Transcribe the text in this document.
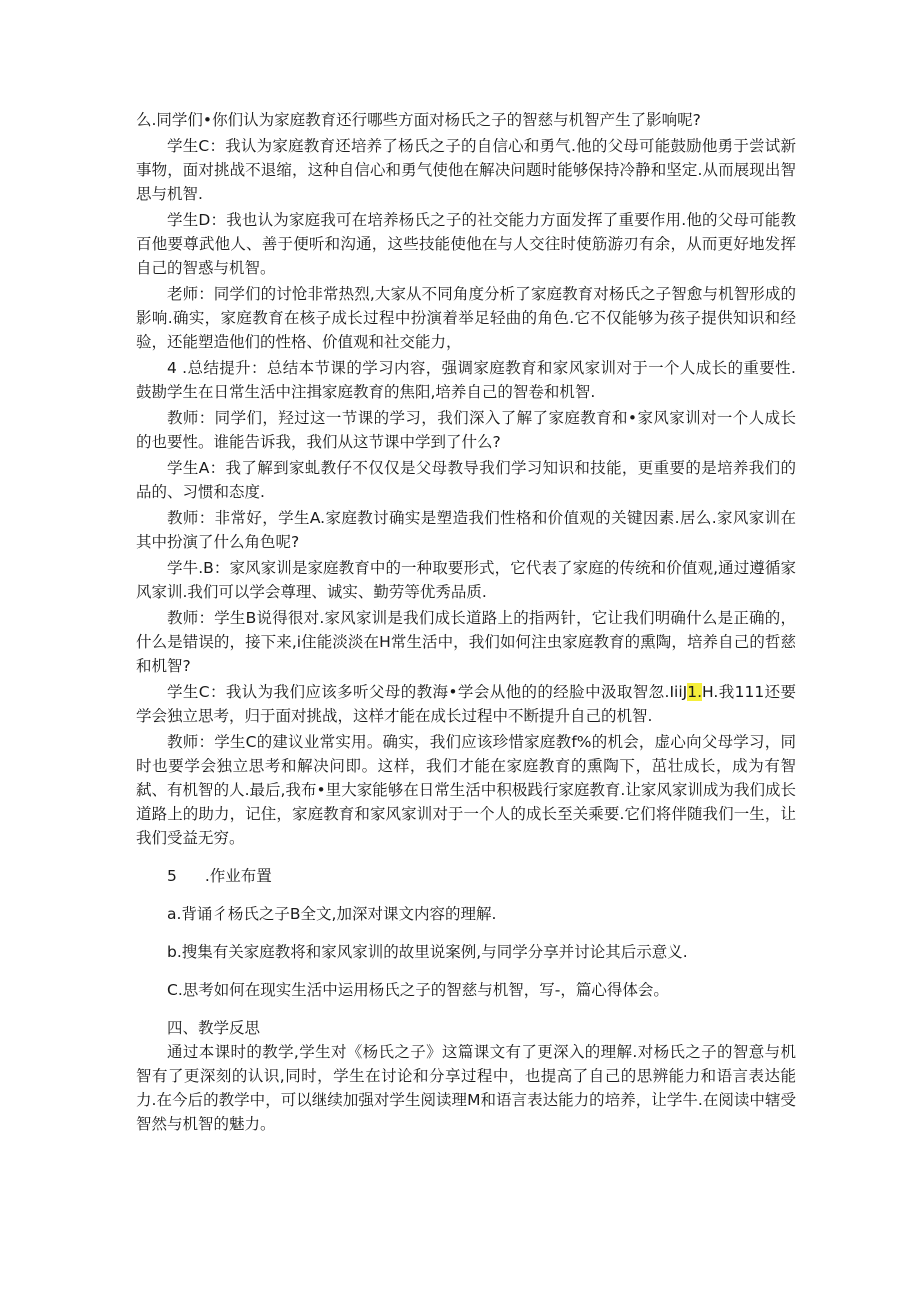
么.同学们•你们认为家庭教育还行哪些方面对杨氏之子的智慈与机智产生了影响呢?

学生C：我认为家庭教育还培养了杨氏之子的自信心和勇气.他的父母可能鼓励他勇于尝试新事物，面对挑战不退缩，这种自信心和勇气使他在解决问题时能够保持冷静和坚定.从而展现出智思与机智.

学生D：我也认为家庭我可在培养杨氏之子的社交能力方面发挥了重要作用.他的父母可能教百他要尊武他人、善于便听和沟通，这些技能使他在与人交往时使筋游刃有余，从而更好地发挥自己的智惑与机智。

老师：同学们的讨怆非常热烈,大家从不同角度分析了家庭教育对杨氏之子智愈与机智形成的影响.确实，家庭教育在核子成长过程中扮演着举足轻曲的角色.它不仅能够为孩子提供知识和经验，还能塑造他们的性格、价值观和社交能力，

4 .总结提升：总结本节课的学习内容，强调家庭教育和家风家训对于一个人成长的重要性.鼓勘学生在日常生活中注揖家庭教育的焦阳,培养自己的智卷和机智.

教师：同学们，羟过这一节课的学习，我们深入了解了家庭教育和•家风家训对一个人成长的也要性。谁能告诉我，我们从这节课中学到了什么?

学生A：我了解到家虬教仔不仅仅是父母教导我们学习知识和技能，更重要的是培养我们的品的、习惯和态度.

教师：非常好，学生A.家庭教讨确实是塑造我们性格和价值观的关键因素.居么.家风家训在其中扮演了什么角色呢?

学牛.B：家风家训是家庭教育中的一种取要形式，它代表了家庭的传统和价值观,通过遵循家风家训.我们可以学会尊理、诚实、勤劳等优秀品质.

教师：学生B说得很对.家风家训是我们成长道路上的指两针，它让我们明确什么是正确的，什么是错误的，接下来,i住能淡淡在H常生活中，我们如何注虫家庭教育的熏陶，培养自己的哲慈和机智?

学生C：我认为我们应该多听父母的教海•学会从他的的经脸中汲取智忽.IiiJ1.H.我111还要学会独立思考，归于面对挑战，这样才能在成长过程中不断提升自己的机智.

教师：学生C的建议业常实用。确实，我们应该珍惜家庭教f%的机会，虚心向父母学习，同时也要学会独立思考和解决问即。这样，我们才能在家庭教育的熏陶下，茁壮成长，成为有智弑、有机智的人.最后,我布•里大家能够在日常生活中积极践行家庭教育.让家风家训成为我们成长道路上的助力，记住，家庭教育和家风家训对于一个人的成长至关乘要.它们将伴随我们一生，让我们受益无穷。

5 .作业布置

a.背诵彳杨氏之子B全文,加深对课文内容的理解.

b.搜集有关家庭教将和家风家训的故里说案例,与同学分享并讨论其后示意义.

C.思考如何在现实生活中运用杨氏之子的智慈与机智，写-，篇心得体会。

四、教学反思

通过本课时的教学,学生对《杨氏之子》这篇课文有了更深入的理解.对杨氏之子的智意与机智有了更深刻的认识,同时，学生在讨论和分享过程中，也提高了自己的思辨能力和语言表达能力.在今后的教学中，可以继续加强对学生阅读理M和语言表达能力的培养，让学牛.在阅读中辖受智然与机智的魅力。
